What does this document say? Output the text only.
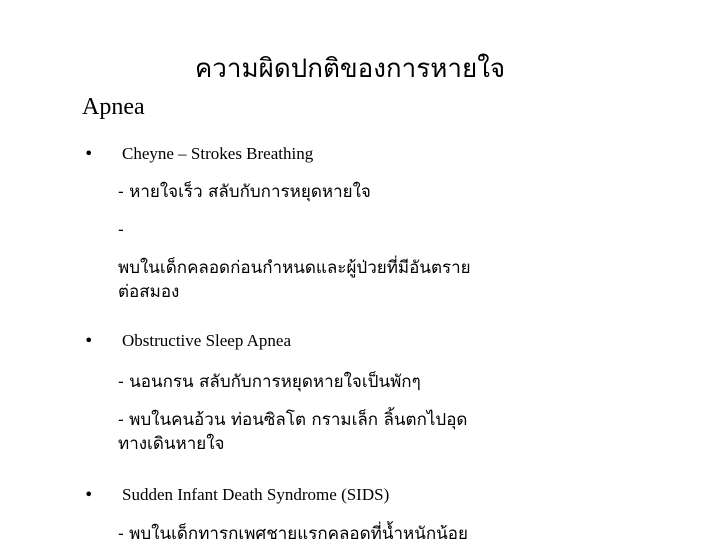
ความผิดปกติของการหายใจ
Apnea
• Cheyne – Strokes Breathing
- หายใจเร็ว สลับกับการหยุดหายใจ
-
พบในเด็กคลอดก่อนกำหนดและผู้ป่วยที่มีอันตรายต่อสมอง
• Obstructive Sleep Apnea
- นอนกรน สลับกับการหยุดหายใจเป็นพักๆ
- พบในคนอ้วน ท่อนซิลโต กรามเล็ก ลิ้นตกไปอุดทางเดินหายใจ
• Sudden Infant Death Syndrome (SIDS)
- พบในเด็กทารกเพศชายแรกคลอดที่น้ำหนักน้อย
